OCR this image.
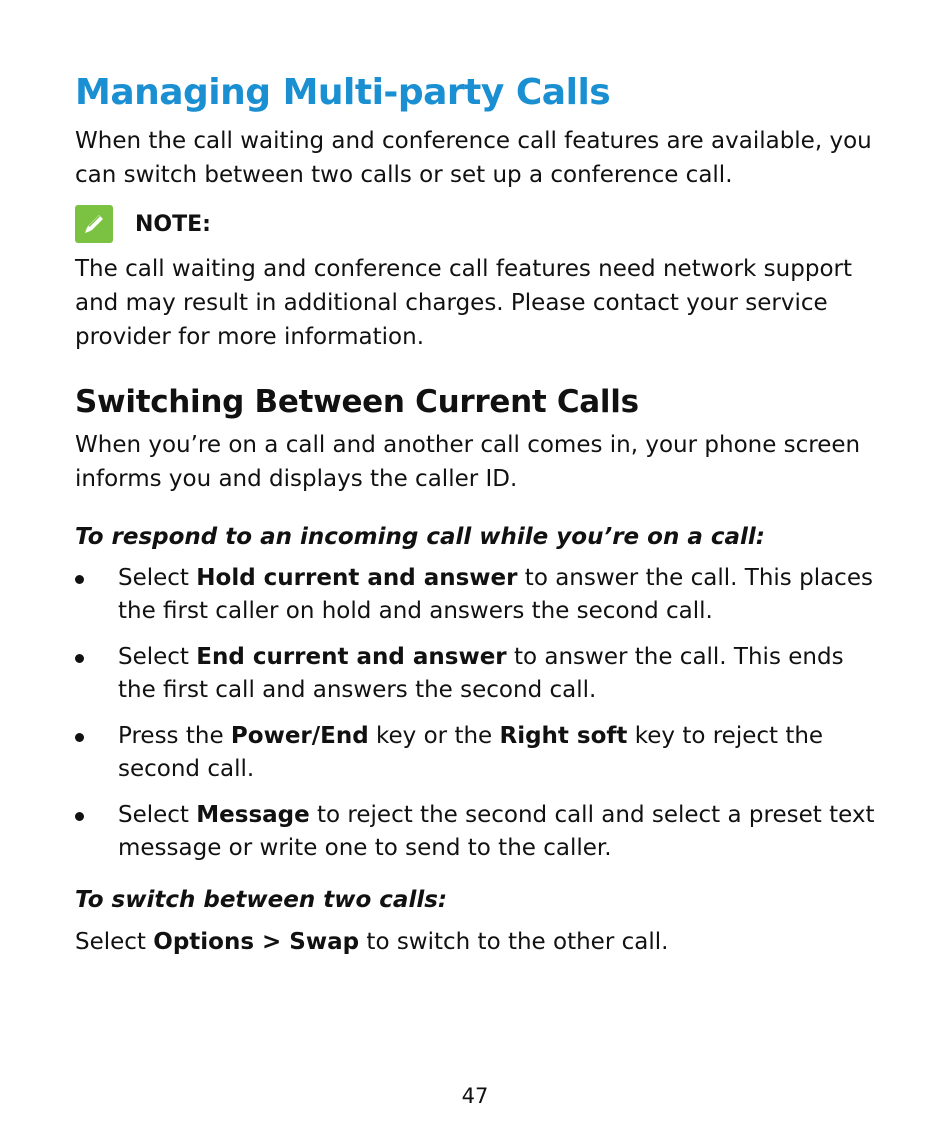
Managing Multi-party Calls

When the call waiting and conference call features are available, you can switch between two calls or set up a conference call.

NOTE:

The call waiting and conference call features need network support and may result in additional charges. Please contact your service provider for more information.

Switching Between Current Calls

When you’re on a call and another call comes in, your phone screen informs you and displays the caller ID.

To respond to an incoming call while you’re on a call:
Select Hold current and answer to answer the call. This places the first caller on hold and answers the second call.
Select End current and answer to answer the call. This ends the first call and answers the second call.
Press the Power/End key or the Right soft key to reject the second call.
Select Message to reject the second call and select a preset text message or write one to send to the caller.
To switch between two calls:

Select Options > Swap to switch to the other call.

47
